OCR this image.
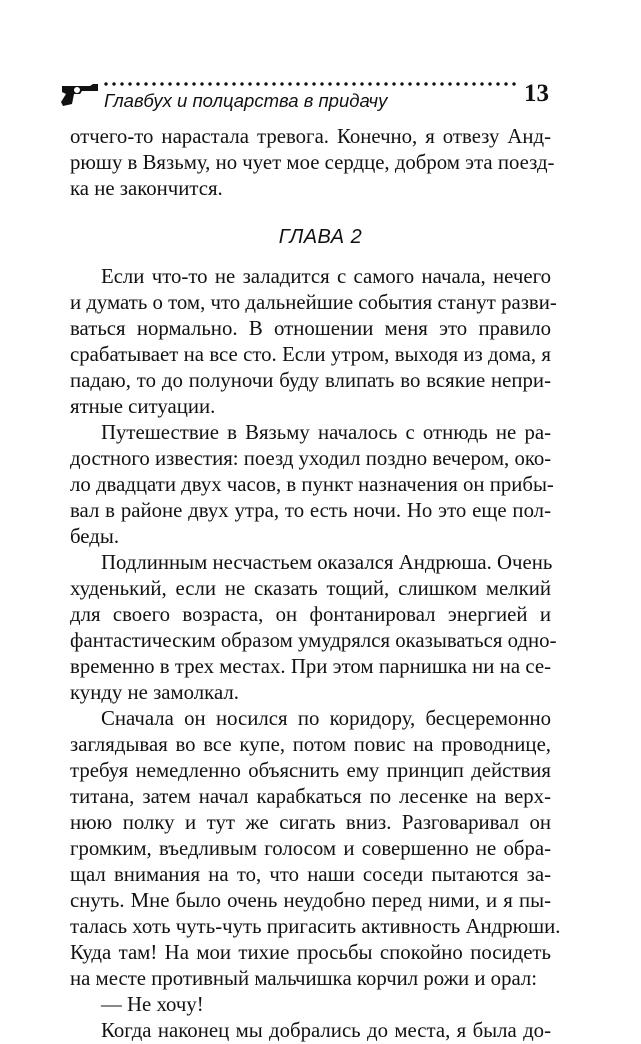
Главбух и полцарства в придачу	13
отчего-то нарастала тревога. Конечно, я отвезу Анд-
рюшу в Вязьму, но чует мое сердце, добром эта поезд-
ка не закончится.
ГЛАВА 2
Если что-то не заладится с самого начала, нечего
и думать о том, что дальнейшие события станут разви-
ваться нормально. В отношении меня это правило
срабатывает на все сто. Если утром, выходя из дома, я
падаю, то до полуночи буду влипать во всякие непри-
ятные ситуации.
Путешествие в Вязьму началось с отнюдь не ра-
достного известия: поезд уходил поздно вечером, око-
ло двадцати двух часов, в пункт назначения он прибы-
вал в районе двух утра, то есть ночи. Но это еще пол-
беды.
Подлинным несчастьем оказался Андрюша. Очень
худенький, если не сказать тощий, слишком мелкий
для своего возраста, он фонтанировал энергией и
фантастическим образом умудрялся оказываться одно-
временно в трех местах. При этом парнишка ни на се-
кунду не замолкал.
Сначала он носился по коридору, бесцеремонно
заглядывая во все купе, потом повис на проводнице,
требуя немедленно объяснить ему принцип действия
титана, затем начал карабкаться по лесенке на верх-
нюю полку и тут же сигать вниз. Разговаривал он
громким, въедливым голосом и совершенно не обра-
щал внимания на то, что наши соседи пытаются за-
снуть. Мне было очень неудобно перед ними, и я пы-
талась хоть чуть-чуть пригасить активность Андрюши.
Куда там! На мои тихие просьбы спокойно посидеть
на месте противный мальчишка корчил рожи и орал:
— Не хочу!
Когда наконец мы добрались до места, я была до-
